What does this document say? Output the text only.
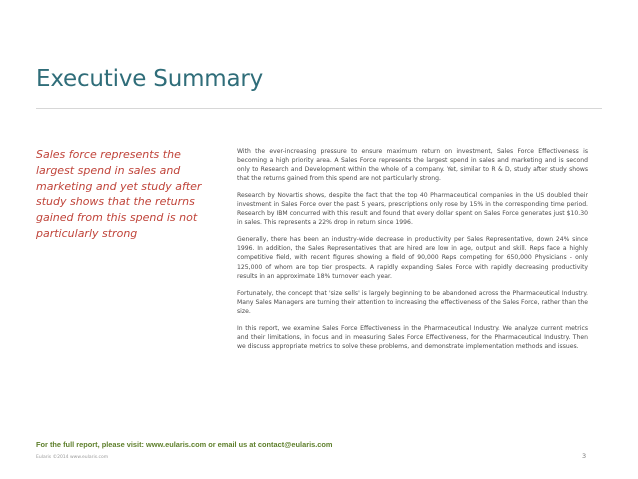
Executive Summary
Sales force represents the largest spend in sales and marketing and yet study after study shows that the returns gained from this spend is not particularly strong

With the ever-increasing pressure to ensure maximum return on investment, Sales Force Effectiveness is becoming a high priority area. A Sales Force represents the largest spend in sales and marketing and is second only to Research and Development within the whole of a company. Yet, similar to R & D, study after study shows that the returns gained from this spend are not particularly strong.

Research by Novartis shows, despite the fact that the top 40 Pharmaceutical companies in the US doubled their investment in Sales Force over the past 5 years, prescriptions only rose by 15% in the corresponding time period. Research by IBM concurred with this result and found that every dollar spent on Sales Force generates just $10.30 in sales. This represents a 22% drop in return since 1996.

Generally, there has been an industry-wide decrease in productivity per Sales Representative, down 24% since 1996. In addition, the Sales Representatives that are hired are low in age, output and skill. Reps face a highly competitive field, with recent figures showing a field of 90,000 Reps competing for 650,000 Physicians - only 125,000 of whom are top tier prospects. A rapidly expanding Sales Force with rapidly decreasing productivity results in an approximate 18% turnover each year.

Fortunately, the concept that 'size sells' is largely beginning to be abandoned across the Pharmaceutical Industry. Many Sales Managers are turning their attention to increasing the effectiveness of the Sales Force, rather than the size.

In this report, we examine Sales Force Effectiveness in the Pharmaceutical Industry. We analyze current metrics and their limitations, in focus and in measuring Sales Force Effectiveness, for the Pharmaceutical Industry. Then we discuss appropriate metrics to solve these problems, and demonstrate implementation methods and issues.

For the full report, please visit: www.eularis.com or email us at contact@eularis.com
Eularis ©2014 www.eularis.com	3
